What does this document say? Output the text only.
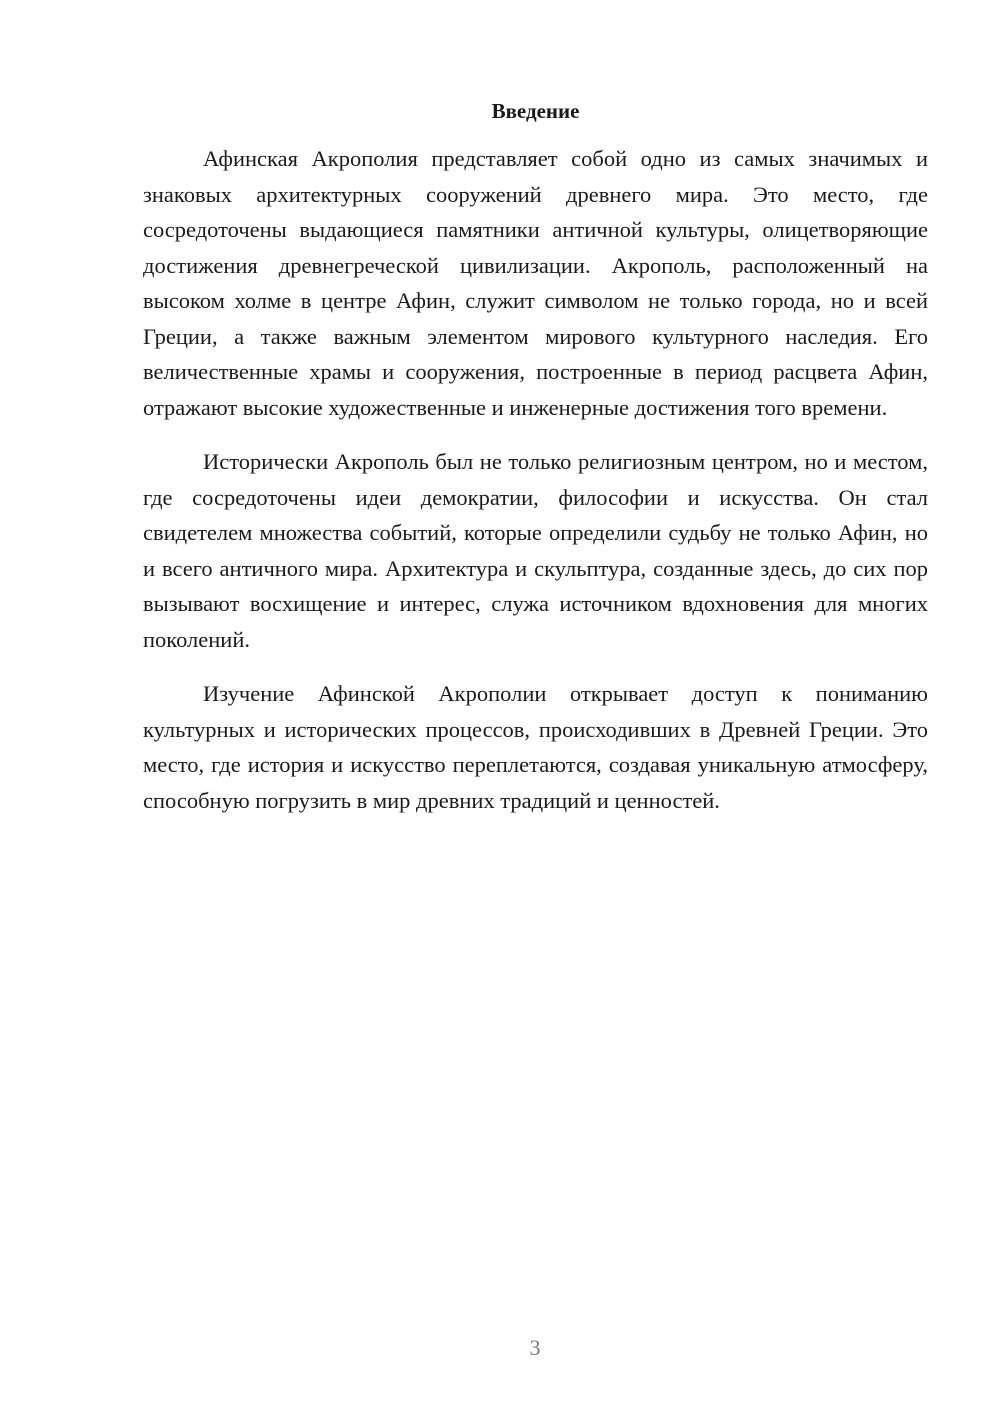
Введение

Афинская Акрополия представляет собой одно из самых значимых и знаковых архитектурных сооружений древнего мира. Это место, где сосредоточены выдающиеся памятники античной культуры, олицетворяющие достижения древнегреческой цивилизации. Акрополь, расположенный на высоком холме в центре Афин, служит символом не только города, но и всей Греции, а также важным элементом мирового культурного наследия. Его величественные храмы и сооружения, построенные в период расцвета Афин, отражают высокие художественные и инженерные достижения того времени.

Исторически Акрополь был не только религиозным центром, но и местом, где сосредоточены идеи демократии, философии и искусства. Он стал свидетелем множества событий, которые определили судьбу не только Афин, но и всего античного мира. Архитектура и скульптура, созданные здесь, до сих пор вызывают восхищение и интерес, служа источником вдохновения для многих поколений.

Изучение Афинской Акрополии открывает доступ к пониманию культурных и исторических процессов, происходивших в Древней Греции. Это место, где история и искусство переплетаются, создавая уникальную атмосферу, способную погрузить в мир древних традиций и ценностей.

3
